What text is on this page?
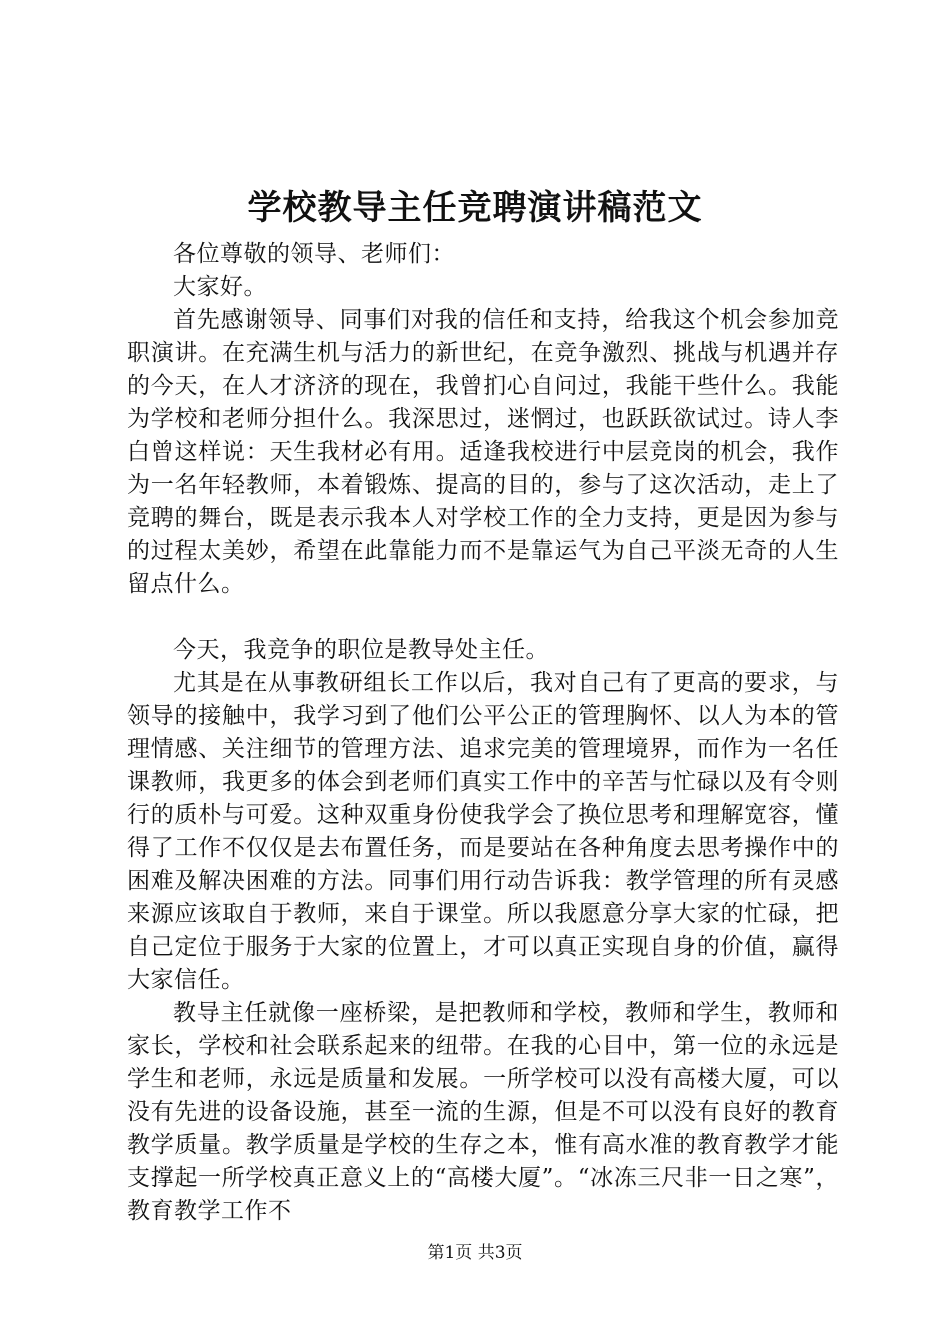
学校教导主任竞聘演讲稿范文

各位尊敬的领导、老师们：

大家好。

首先感谢领导、同事们对我的信任和支持，给我这个机会参加竞职演讲。在充满生机与活力的新世纪，在竞争激烈、挑战与机遇并存的今天，在人才济济的现在，我曾扪心自问过，我能干些什么。我能为学校和老师分担什么。我深思过，迷惘过，也跃跃欲试过。诗人李白曾这样说：天生我材必有用。适逢我校进行中层竞岗的机会，我作为一名年轻教师，本着锻炼、提高的目的，参与了这次活动，走上了竞聘的舞台，既是表示我本人对学校工作的全力支持，更是因为参与的过程太美妙，希望在此靠能力而不是靠运气为自己平淡无奇的人生留点什么。

今天，我竞争的职位是教导处主任。

尤其是在从事教研组长工作以后，我对自己有了更高的要求，与领导的接触中，我学习到了他们公平公正的管理胸怀、以人为本的管理情感、关注细节的管理方法、追求完美的管理境界，而作为一名任课教师，我更多的体会到老师们真实工作中的辛苦与忙碌以及有令则行的质朴与可爱。这种双重身份使我学会了换位思考和理解宽容，懂得了工作不仅仅是去布置任务，而是要站在各种角度去思考操作中的困难及解决困难的方法。同事们用行动告诉我：教学管理的所有灵感来源应该取自于教师，来自于课堂。所以我愿意分享大家的忙碌，把自己定位于服务于大家的位置上，才可以真正实现自身的价值，赢得大家信任。

教导主任就像一座桥梁，是把教师和学校，教师和学生，教师和家长，学校和社会联系起来的纽带。在我的心目中，第一位的永远是学生和老师，永远是质量和发展。一所学校可以没有高楼大厦，可以没有先进的设备设施，甚至一流的生源，但是不可以没有良好的教育教学质量。教学质量是学校的生存之本，惟有高水准的教育教学才能支撑起一所学校真正意义上的“高楼大厦”。“冰冻三尺非一日之寒”，教育教学工作不

第1页 共3页
